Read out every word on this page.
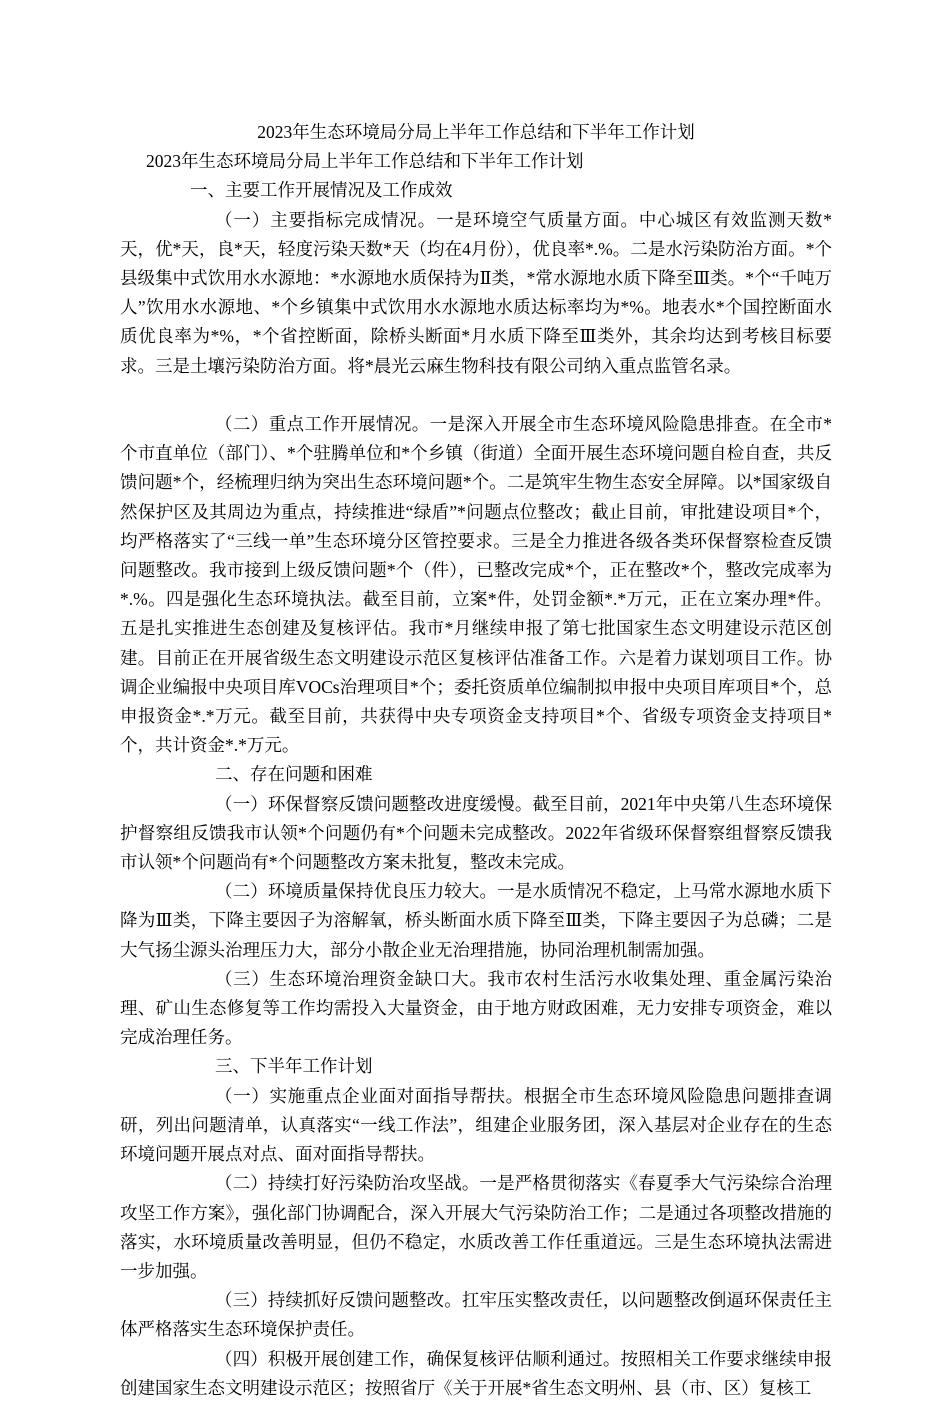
2023年生态环境局分局上半年工作总结和下半年工作计划

2023年生态环境局分局上半年工作总结和下半年工作计划

一、主要工作开展情况及工作成效

（一）主要指标完成情况。一是环境空气质量方面。中心城区有效监测天数*天，优*天，良*天，轻度污染天数*天（均在4月份），优良率*.%。二是水污染防治方面。*个县级集中式饮用水水源地：*水源地水质保持为Ⅱ类，*常水源地水质下降至Ⅲ类。*个“千吨万人”饮用水水源地、*个乡镇集中式饮用水水源地水质达标率均为*%。地表水*个国控断面水质优良率为*%，*个省控断面，除桥头断面*月水质下降至Ⅲ类外，其余均达到考核目标要求。三是土壤污染防治方面。将*晨光云麻生物科技有限公司纳入重点监管名录。

（二）重点工作开展情况。一是深入开展全市生态环境风险隐患排查。在全市*个市直单位（部门）、*个驻腾单位和*个乡镇（街道）全面开展生态环境问题自检自查，共反馈问题*个，经梳理归纳为突出生态环境问题*个。二是筑牢生物生态安全屏障。以*国家级自然保护区及其周边为重点，持续推进“绿盾”*问题点位整改；截止目前，审批建设项目*个，均严格落实了“三线一单”生态环境分区管控要求。三是全力推进各级各类环保督察检查反馈问题整改。我市接到上级反馈问题*个（件），已整改完成*个，正在整改*个，整改完成率为*.%。四是强化生态环境执法。截至目前，立案*件，处罚金额*.*万元，正在立案办理*件。五是扎实推进生态创建及复核评估。我市*月继续申报了第七批国家生态文明建设示范区创建。目前正在开展省级生态文明建设示范区复核评估准备工作。六是着力谋划项目工作。协调企业编报中央项目库VOCs治理项目*个；委托资质单位编制拟申报中央项目库项目*个，总申报资金*.*万元。截至目前，共获得中央专项资金支持项目*个、省级专项资金支持项目*个，共计资金*.*万元。

二、存在问题和困难

（一）环保督察反馈问题整改进度缓慢。截至目前，2021年中央第八生态环境保护督察组反馈我市认领*个问题仍有*个问题未完成整改。2022年省级环保督察组督察反馈我市认领*个问题尚有*个问题整改方案未批复，整改未完成。

（二）环境质量保持优良压力较大。一是水质情况不稳定，上马常水源地水质下降为Ⅲ类，下降主要因子为溶解氧，桥头断面水质下降至Ⅲ类，下降主要因子为总磷；二是大气扬尘源头治理压力大，部分小散企业无治理措施，协同治理机制需加强。

（三）生态环境治理资金缺口大。我市农村生活污水收集处理、重金属污染治理、矿山生态修复等工作均需投入大量资金，由于地方财政困难，无力安排专项资金，难以完成治理任务。

三、下半年工作计划

（一）实施重点企业面对面指导帮扶。根据全市生态环境风险隐患问题排查调研，列出问题清单，认真落实“一线工作法”，组建企业服务团，深入基层对企业存在的生态环境问题开展点对点、面对面指导帮扶。

（二）持续打好污染防治攻坚战。一是严格贯彻落实《春夏季大气污染综合治理攻坚工作方案》，强化部门协调配合，深入开展大气污染防治工作；二是通过各项整改措施的落实，水环境质量改善明显，但仍不稳定，水质改善工作任重道远。三是生态环境执法需进一步加强。

（三）持续抓好反馈问题整改。扛牢压实整改责任，以问题整改倒逼环保责任主体严格落实生态环境保护责任。

（四）积极开展创建工作，确保复核评估顺利通过。按照相关工作要求继续申报创建国家生态文明建设示范区；按照省厅《关于开展*省生态文明州、县（市、区）复核工
